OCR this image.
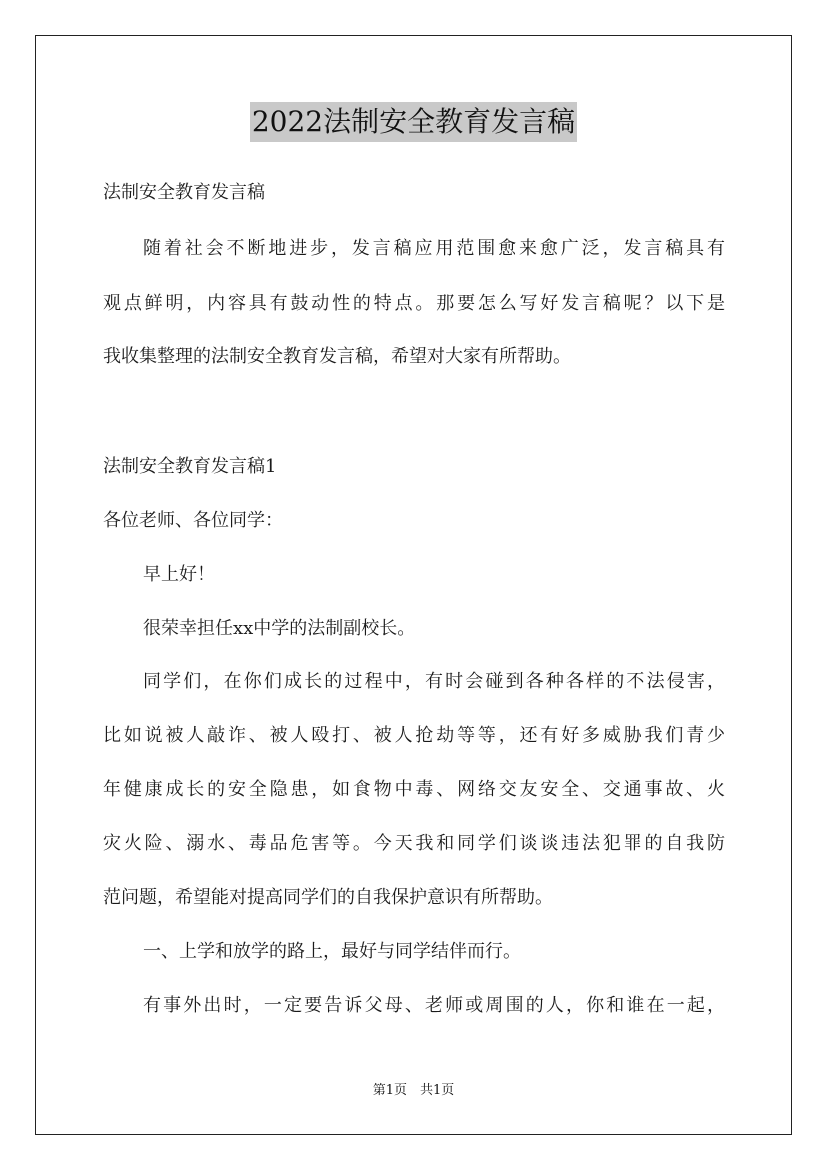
2022法制安全教育发言稿
法制安全教育发言稿
随着社会不断地进步，发言稿应用范围愈来愈广泛，发言稿具有
观点鲜明，内容具有鼓动性的特点。那要怎么写好发言稿呢？以下是
我收集整理的法制安全教育发言稿，希望对大家有所帮助。
法制安全教育发言稿1
各位老师、各位同学：
早上好！
很荣幸担任xx中学的法制副校长。
同学们，在你们成长的过程中，有时会碰到各种各样的不法侵害，
比如说被人敲诈、被人殴打、被人抢劫等等，还有好多威胁我们青少
年健康成长的安全隐患，如食物中毒、网络交友安全、交通事故、火
灾火险、溺水、毒品危害等。今天我和同学们谈谈违法犯罪的自我防
范问题，希望能对提高同学们的自我保护意识有所帮助。
一、上学和放学的路上，最好与同学结伴而行。
有事外出时，一定要告诉父母、老师或周围的人，你和谁在一起，
第1页　共1页
